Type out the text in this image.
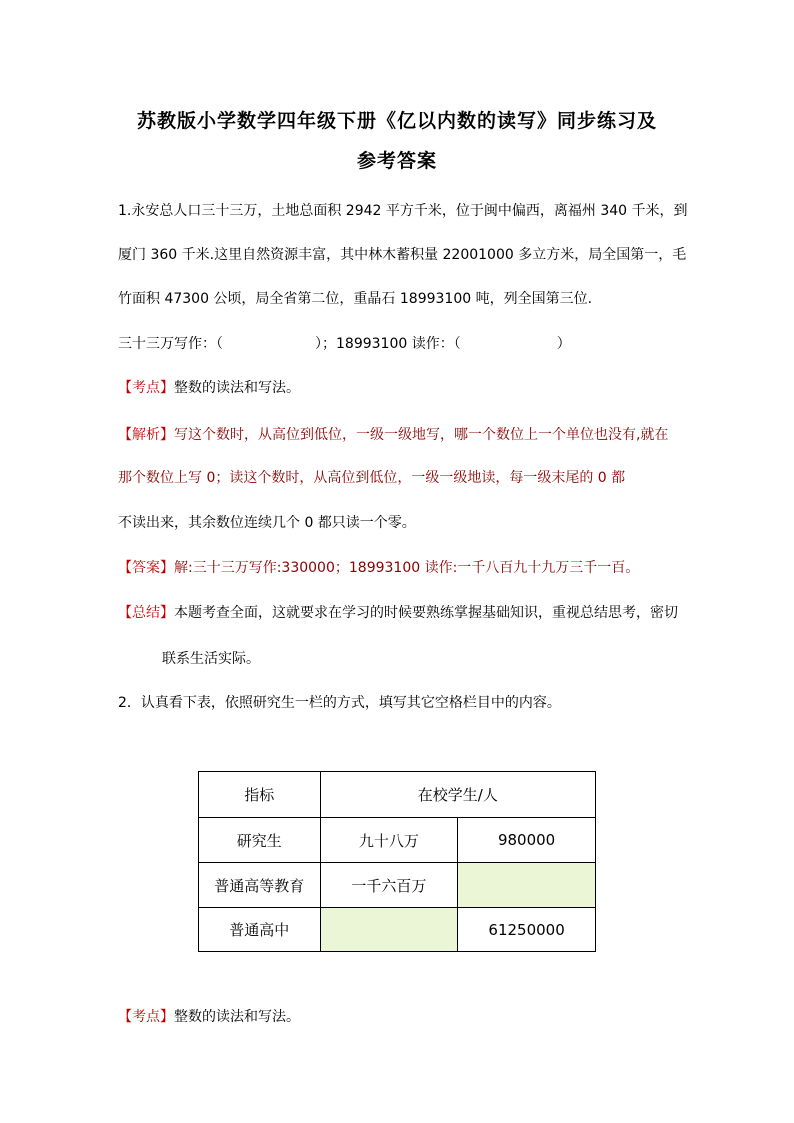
苏教版小学数学四年级下册《亿以内数的读写》同步练习及
参考答案
1.永安总人口三十三万，土地总面积 2942 平方千米，位于闽中偏西，离福州 340 千米，到
厦门 360 千米.这里自然资源丰富，其中林木蓄积量 22001000 多立方米，局全国第一，毛
竹面积 47300 公顷，局全省第二位，重晶石 18993100 吨，列全国第三位.
三十三万写作：（	）；18993100 读作：（	）
【考点】整数的读法和写法。
【解析】写这个数时，从高位到低位，一级一级地写，哪一个数位上一个单位也没有,就在
那个数位上写 0；读这个数时，从高位到低位，一级一级地读，每一级末尾的 0 都
不读出来，其余数位连续几个 0 都只读一个零。
【答案】解:三十三万写作:330000；18993100 读作:一千八百九十九万三千一百。
【总结】本题考查全面，这就要求在学习的时候要熟练掌握基础知识，重视总结思考，密切
联系生活实际。
2．认真看下表，依照研究生一栏的方式，填写其它空格栏目中的内容。
指标	在校学生/人	
研究生	九十八万	980000
普通高等教育	一千六百万	
普通高中		61250000
【考点】整数的读法和写法。
